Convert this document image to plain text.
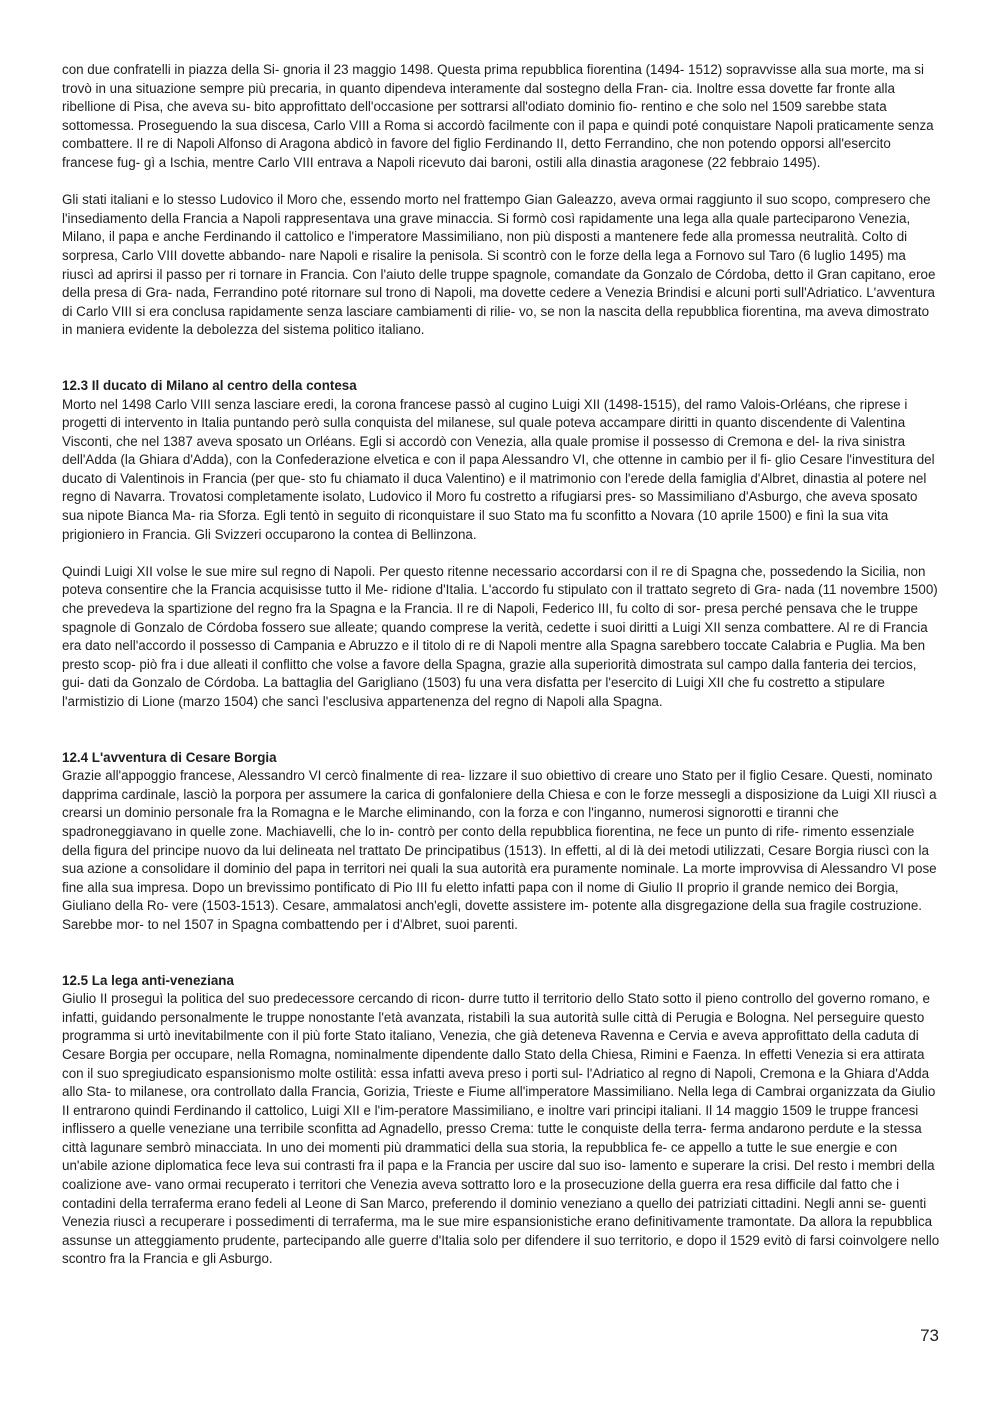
con due confratelli in piazza della Si- gnoria il 23 maggio 1498. Questa prima repubblica fiorentina (1494- 1512) sopravvisse alla sua morte, ma si trovò in una situazione sempre più precaria, in quanto dipendeva interamente dal sostegno della Fran- cia. Inoltre essa dovette far fronte alla ribellione di Pisa, che aveva su- bito approfittato dell'occasione per sottrarsi all'odiato dominio fio- rentino e che solo nel 1509 sarebbe stata sottomessa. Proseguendo la sua discesa, Carlo VIII a Roma si accordò facilmente con il papa e quindi poté conquistare Napoli praticamente senza combattere. Il re di Napoli Alfonso di Aragona abdicò in favore del figlio Ferdinando II, detto Ferrandino, che non potendo opporsi all'esercito francese fug- gì a Ischia, mentre Carlo VIII entrava a Napoli ricevuto dai baroni, ostili alla dinastia aragonese (22 febbraio 1495).

Gli stati italiani e lo stesso Ludovico il Moro che, essendo morto nel frattempo Gian Galeazzo, aveva ormai raggiunto il suo scopo, compresero che l'insediamento della Francia a Napoli rappresentava una grave minaccia. Si formò così rapidamente una lega alla quale parteciparono Venezia, Milano, il papa e anche Ferdinando il cattolico e l'imperatore Massimiliano, non più disposti a mantenere fede alla promessa neutralità. Colto di sorpresa, Carlo VIII dovette abbando- nare Napoli e risalire la penisola. Si scontrò con le forze della lega a Fornovo sul Taro (6 luglio 1495) ma riuscì ad aprirsi il passo per ri tornare in Francia. Con l'aiuto delle truppe spagnole, comandate da Gonzalo de Córdoba, detto il Gran capitano, eroe della presa di Gra- nada, Ferrandino poté ritornare sul trono di Napoli, ma dovette cedere a Venezia Brindisi e alcuni porti sull'Adriatico. L'avventura di Carlo VIII si era conclusa rapidamente senza lasciare cambiamenti di rilie- vo, se non la nascita della repubblica fiorentina, ma aveva dimostrato in maniera evidente la debolezza del sistema politico italiano.

12.3 Il ducato di Milano al centro della contesa

Morto nel 1498 Carlo VIII senza lasciare eredi, la corona francese passò al cugino Luigi XII (1498-1515), del ramo Valois-Orléans, che riprese i progetti di intervento in Italia puntando però sulla conquista del milanese, sul quale poteva accampare diritti in quanto discendente di Valentina Visconti, che nel 1387 aveva sposato un Orléans. Egli si accordò con Venezia, alla quale promise il possesso di Cremona e del- la riva sinistra dell'Adda (la Ghiara d'Adda), con la Confederazione elvetica e con il papa Alessandro VI, che ottenne in cambio per il fi- glio Cesare l'investitura del ducato di Valentinois in Francia (per que- sto fu chiamato il duca Valentino) e il matrimonio con l'erede della famiglia d'Albret, dinastia al potere nel regno di Navarra. Trovatosi completamente isolato, Ludovico il Moro fu costretto a rifugiarsi pres- so Massimiliano d'Asburgo, che aveva sposato sua nipote Bianca Ma- ria Sforza. Egli tentò in seguito di riconquistare il suo Stato ma fu sconfitto a Novara (10 aprile 1500) e finì la sua vita prigioniero in Francia. Gli Svizzeri occuparono la contea di Bellinzona.

Quindi Luigi XII volse le sue mire sul regno di Napoli. Per questo ritenne necessario accordarsi con il re di Spagna che, possedendo la Sicilia, non poteva consentire che la Francia acquisisse tutto il Me- ridione d'Italia. L'accordo fu stipulato con il trattato segreto di Gra- nada (11 novembre 1500) che prevedeva la spartizione del regno fra la Spagna e la Francia. Il re di Napoli, Federico III, fu colto di sor- presa perché pensava che le truppe spagnole di Gonzalo de Córdoba fossero sue alleate; quando comprese la verità, cedette i suoi diritti a Luigi XII senza combattere. Al re di Francia era dato nell'accordo il possesso di Campania e Abruzzo e il titolo di re di Napoli mentre alla Spagna sarebbero toccate Calabria e Puglia. Ma ben presto scop- piò fra i due alleati il conflitto che volse a favore della Spagna, grazie alla superiorità dimostrata sul campo dalla fanteria dei tercios, gui- dati da Gonzalo de Córdoba. La battaglia del Garigliano (1503) fu una vera disfatta per l'esercito di Luigi XII che fu costretto a stipulare l'armistizio di Lione (marzo 1504) che sancì l'esclusiva appartenenza del regno di Napoli alla Spagna.

12.4 L'avventura di Cesare Borgia

Grazie all'appoggio francese, Alessandro VI cercò finalmente di rea- lizzare il suo obiettivo di creare uno Stato per il figlio Cesare. Questi, nominato dapprima cardinale, lasciò la porpora per assumere la carica di gonfaloniere della Chiesa e con le forze messegli a disposizione da Luigi XII riuscì a crearsi un dominio personale fra la Romagna e le Marche eliminando, con la forza e con l'inganno, numerosi signorotti e tiranni che spadroneggiavano in quelle zone. Machiavelli, che lo in- contrò per conto della repubblica fiorentina, ne fece un punto di rife- rimento essenziale della figura del principe nuovo da lui delineata nel trattato De principatibus (1513). In effetti, al di là dei metodi utilizzati, Cesare Borgia riuscì con la sua azione a consolidare il dominio del papa in territori nei quali la sua autorità era puramente nominale. La morte improvvisa di Alessandro VI pose fine alla sua impresa. Dopo un brevissimo pontificato di Pio III fu eletto infatti papa con il nome di Giulio II proprio il grande nemico dei Borgia, Giuliano della Ro- vere (1503-1513). Cesare, ammalatosi anch'egli, dovette assistere im- potente alla disgregazione della sua fragile costruzione. Sarebbe mor- to nel 1507 in Spagna combattendo per i d'Albret, suoi parenti.

12.5 La lega anti-veneziana

Giulio II proseguì la politica del suo predecessore cercando di ricon- durre tutto il territorio dello Stato sotto il pieno controllo del governo romano, e infatti, guidando personalmente le truppe nonostante l'età avanzata, ristabilì la sua autorità sulle città di Perugia e Bologna. Nel perseguire questo programma si urtò inevitabilmente con il più forte Stato italiano, Venezia, che già deteneva Ravenna e Cervia e aveva approfittato della caduta di Cesare Borgia per occupare, nella Romagna, nominalmente dipendente dallo Stato della Chiesa, Rimini e Faenza. In effetti Venezia si era attirata con il suo spregiudicato espansionismo molte ostilità: essa infatti aveva preso i porti sul- l'Adriatico al regno di Napoli, Cremona e la Ghiara d'Adda allo Sta- to milanese, ora controllato dalla Francia, Gorizia, Trieste e Fiume all'imperatore Massimiliano. Nella lega di Cambrai organizzata da Giulio II entrarono quindi Ferdinando il cattolico, Luigi XII e l'im-peratore Massimiliano, e inoltre vari principi italiani. Il 14 maggio 1509 le truppe francesi inflissero a quelle veneziane una terribile sconfitta ad Agnadello, presso Crema: tutte le conquiste della terra- ferma andarono perdute e la stessa città lagunare sembrò minacciata. In uno dei momenti più drammatici della sua storia, la repubblica fe- ce appello a tutte le sue energie e con un'abile azione diplomatica fece leva sui contrasti fra il papa e la Francia per uscire dal suo iso- lamento e superare la crisi. Del resto i membri della coalizione ave- vano ormai recuperato i territori che Venezia aveva sottratto loro e la prosecuzione della guerra era resa difficile dal fatto che i contadini della terraferma erano fedeli al Leone di San Marco, preferendo il dominio veneziano a quello dei patriziati cittadini. Negli anni se- guenti Venezia riuscì a recuperare i possedimenti di terraferma, ma le sue mire espansionistiche erano definitivamente tramontate. Da allora la repubblica assunse un atteggiamento prudente, partecipando alle guerre d'Italia solo per difendere il suo territorio, e dopo il 1529 evitò di farsi coinvolgere nello scontro fra la Francia e gli Asburgo.

73
